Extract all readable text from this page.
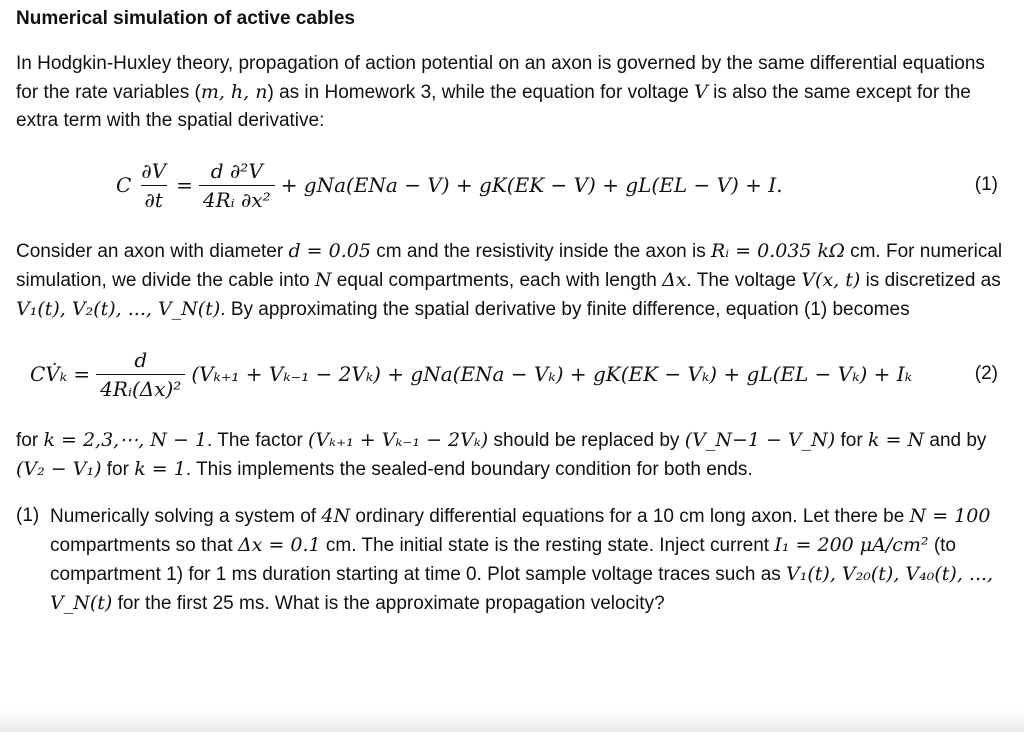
Numerical simulation of active cables

In Hodgkin-Huxley theory, propagation of action potential on an axon is governed by the same differential equations for the rate variables (m, h, n) as in Homework 3, while the equation for voltage V is also the same except for the extra term with the spatial derivative:

C $\frac{\partial V}{\partial t} = \frac{\text{d ∂²V}}{\text{4Rᵢ ∂x²}} + gNa(ENa - V) + gK(EK - V) + gL(EL - V) + I$.	(1)

Consider an axon with diameter d = 0.05 cm and the resistivity inside the axon is Rᵢ = 0.035 kΩ cm. For numerical simulation, we divide the cable into N equal compartments, each with length Δx. The voltage V(x, t) is discretized as V₁(t), V₂(t), ..., V_N(t). By approximating the spatial derivative by finite difference, equation (1) becomes

CV̇ₖ = $\frac{d}{\text{4Rᵢ(Δx)²}} (V_{k+1} + V_{k-1} - 2V_k) + gNa(ENa - V_k) + gK(EK - V_k) + gL(EL - V_k) + I_k$	(2)

for k = 2,3,⋯, N − 1. The factor (Vₖ₊₁ + Vₖ₋₁ − 2Vₖ) should be replaced by (V_N−1 − V_N) for k = N and by (V₂ − V₁) for k = 1. This implements the sealed-end boundary condition for both ends.

(1) Numerically solving a system of 4N ordinary differential equations for a 10 cm long axon. Let there be N = 100 compartments so that Δx = 0.1 cm. The initial state is the resting state. Inject current I₁ = 200 μA/cm² (to compartment 1) for 1 ms duration starting at time 0. Plot sample voltage traces such as V₁(t), V₂₀(t), V₄₀(t), ..., V_N(t) for the first 25 ms. What is the approximate propagation velocity?
